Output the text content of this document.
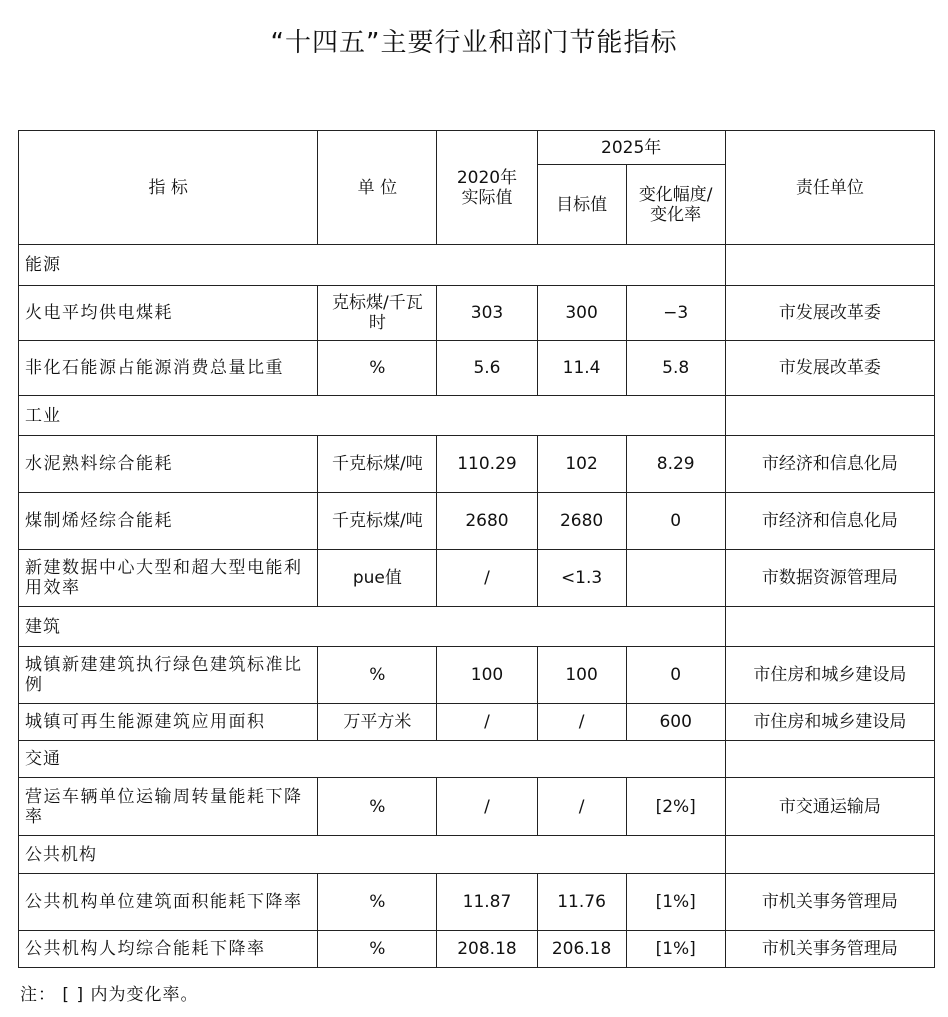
“十四五”主要行业和部门节能指标
指 标	单 位	2020年实际值	2025年		责任单位
			目标值	变化幅度/变化率	
能源					
火电平均供电煤耗	克标煤/千瓦时	303	300	−3	市发展改革委
非化石能源占能源消费总量比重	%	5.6	11.4	5.8	市发展改革委
工业					
水泥熟料综合能耗	千克标煤/吨	110.29	102	8.29	市经济和信息化局
煤制烯烃综合能耗	千克标煤/吨	2680	2680	0	市经济和信息化局
新建数据中心大型和超大型电能利用效率	pue值	/	<1.3		市数据资源管理局
建筑					
城镇新建建筑执行绿色建筑标准比例	%	100	100	0	市住房和城乡建设局
城镇可再生能源建筑应用面积	万平方米	/	/	600	市住房和城乡建设局
交通					
营运车辆单位运输周转量能耗下降率	%	/	/	[2%]	市交通运输局
公共机构					
公共机构单位建筑面积能耗下降率	%	11.87	11.76	[1%]	市机关事务管理局
公共机构人均综合能耗下降率	%	208.18	206.18	[1%]	市机关事务管理局
注： [ ] 内为变化率。
